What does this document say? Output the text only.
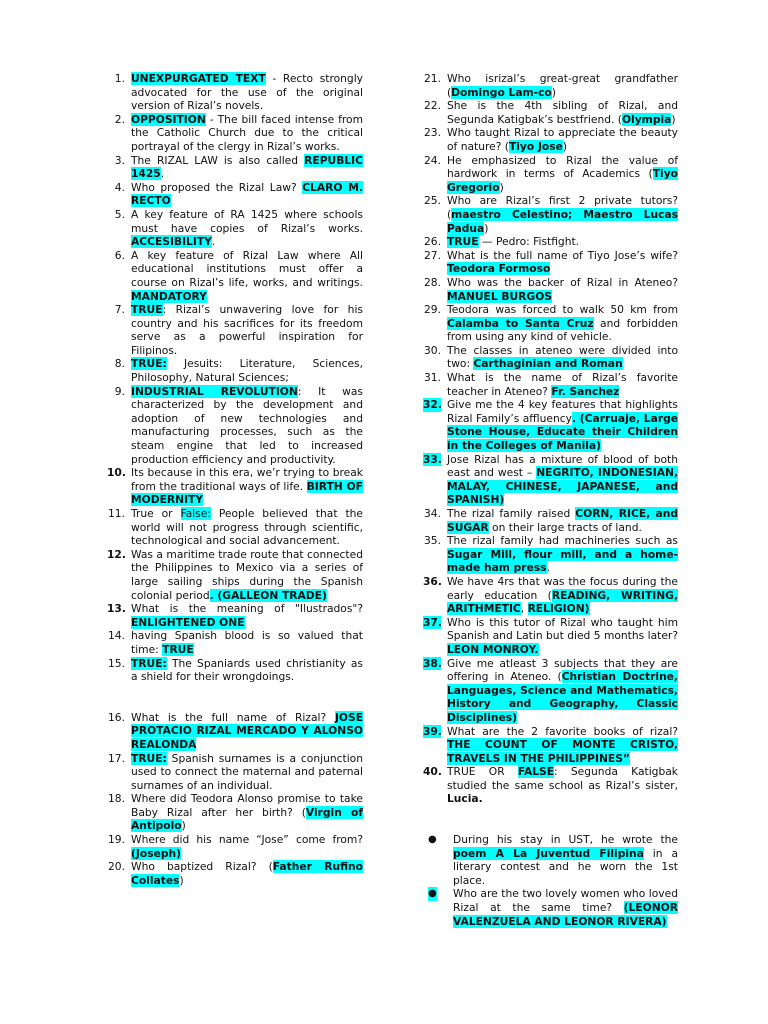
1. UNEXPURGATED TEXT - Recto strongly advocated for the use of the original version of Rizal’s novels.
2. OPPOSITION - The bill faced intense from the Catholic Church due to the critical portrayal of the clergy in Rizal’s works.
3. The RIZAL LAW is also called REPUBLIC 1425.
4. Who proposed the Rizal Law? CLARO M. RECTO
5. A key feature of RA 1425 where schools must have copies of Rizal’s works. ACCESIBILITY.
6. A key feature of Rizal Law where All educational institutions must offer a course on Rizal’s life, works, and writings. MANDATORY
7. TRUE: Rizal’s unwavering love for his country and his sacrifices for its freedom serve as a powerful inspiration for Filipinos.
8. TRUE: Jesuits: Literature, Sciences, Philosophy, Natural Sciences;
9. INDUSTRIAL REVOLUTION: It was characterized by the development and adoption of new technologies and manufacturing processes, such as the steam engine that led to increased production efficiency and productivity.
10. Its because in this era, we’r trying to break from the traditional ways of life. BIRTH OF MODERNITY
11. True or False: People believed that the world will not progress through scientific, technological and social advancement.
12. Was a maritime trade route that connected the Philippines to Mexico via a series of large sailing ships during the Spanish colonial period. (GALLEON TRADE)
13. What is the meaning of "Ilustrados"? ENLIGHTENED ONE
14. having Spanish blood is so valued that time: TRUE
15. TRUE: The Spaniards used christianity as a shield for their wrongdoings.
16. What is the full name of Rizal? JOSE PROTACIO RIZAL MERCADO Y ALONSO REALONDA
17. TRUE: Spanish surnames is a conjunction used to connect the maternal and paternal surnames of an individual.
18. Where did Teodora Alonso promise to take Baby Rizal after her birth? (Virgin of Antipolo)
19. Where did his name “Jose” come from? (Joseph)
20. Who baptized Rizal? (Father Rufino Collates)
21. Who isrizal’s great-great grandfather (Domingo Lam-co)
22. She is the 4th sibling of Rizal, and Segunda Katigbak’s bestfriend. (Olympia)
23. Who taught Rizal to appreciate the beauty of nature? (Tiyo Jose)
24. He emphasized to Rizal the value of hardwork in terms of Academics (Tiyo Gregorio)
25. Who are Rizal’s first 2 private tutors? (maestro Celestino; Maestro Lucas Padua)
26. TRUE — Pedro: Fistfight.
27. What is the full name of Tiyo Jose’s wife? Teodora Formoso
28. Who was the backer of Rizal in Ateneo? MANUEL BURGOS
29. Teodora was forced to walk 50 km from Calamba to Santa Cruz and forbidden from using any kind of vehicle.
30. The classes in ateneo were divided into two: Carthaginian and Roman
31. What is the name of Rizal’s favorite teacher in Ateneo? Fr. Sanchez
32. Give me the 4 key features that highlights Rizal Family’s affluency. (Carruaje, Large Stone House, Educate their Children in the Colleges of Manila)
33. Jose Rizal has a mixture of blood of both east and west – NEGRITO, INDONESIAN, MALAY, CHINESE, JAPANESE, and SPANISH)
34. The rizal family raised CORN, RICE, and SUGAR on their large tracts of land.
35. The rizal family had machineries such as Sugar Mill, flour mill, and a home-made ham press.
36. We have 4rs that was the focus during the early education (READING, WRITING, ARITHMETIC, RELIGION)
37. Who is this tutor of Rizal who taught him Spanish and Latin but died 5 months later? LEON MONROY.
38. Give me atleast 3 subjects that they are offering in Ateneo. (Christian Doctrine, Languages, Science and Mathematics, History and Geography, Classic Disciplines)
39. What are the 2 favorite books of rizal? THE COUNT OF MONTE CRISTO, TRAVELS IN THE PHILIPPINES”
40. TRUE OR FALSE: Segunda Katigbak studied the same school as Rizal’s sister, Lucia.
● During his stay in UST, he wrote the poem A La Juventud Filipina in a literary contest and he worn the 1st place.
● Who are the two lovely women who loved Rizal at the same time? (LEONOR VALENZUELA AND LEONOR RIVERA)
